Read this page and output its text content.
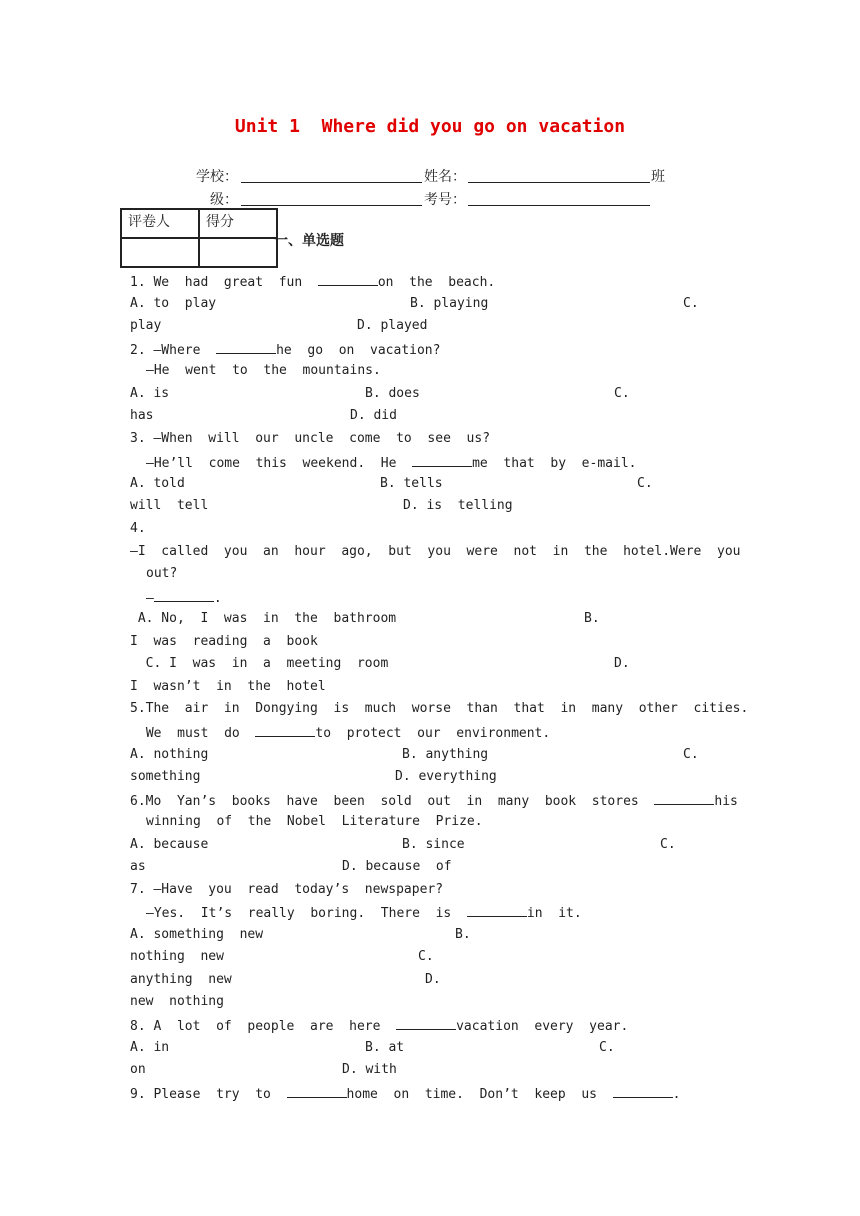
Unit 1  Where did you go on vacation
学校：	姓名：	班
级：	考号：
评卷人	得分

一、单选题
1. We  had  great  fun	on  the  beach.
A. to  play	B. playing	C.
play	D. played
2. —Where	he  go  on  vacation?
—He  went  to  the  mountains.
A. is	B. does	C.
has	D. did
3. —When  will  our  uncle  come  to  see  us?
—He’ll  come  this  weekend.  He	me  that  by  e-mail.
A. told	B. tells	C.
will  tell	D. is  telling
4.
—I  called  you  an  hour  ago,  but  you  were  not  in  the  hotel.Were  you
out?
—	.
A. No,  I  was  in  the  bathroom	B.
I  was  reading  a  book
C. I  was  in  a  meeting  room	D.
I  wasn’t  in  the  hotel
5.The  air  in  Dongying  is  much  worse  than  that  in  many  other  cities.
We  must  do	to  protect  our  environment.
A. nothing	B. anything	C.
something	D. everything
6.Mo  Yan’s  books  have  been  sold  out  in  many  book  stores	his
winning  of  the  Nobel  Literature  Prize.
A. because	B. since	C.
as	D. because  of
7. —Have  you  read  today’s  newspaper?
—Yes.  It’s  really  boring.  There  is	in  it.
A. something  new	B.
nothing  new	C.
anything  new	D.
new  nothing
8. A  lot  of  people  are  here	vacation  every  year.
A. in	B. at	C.
on	D. with
9. Please  try  to	home  on  time.  Don’t  keep  us	.
